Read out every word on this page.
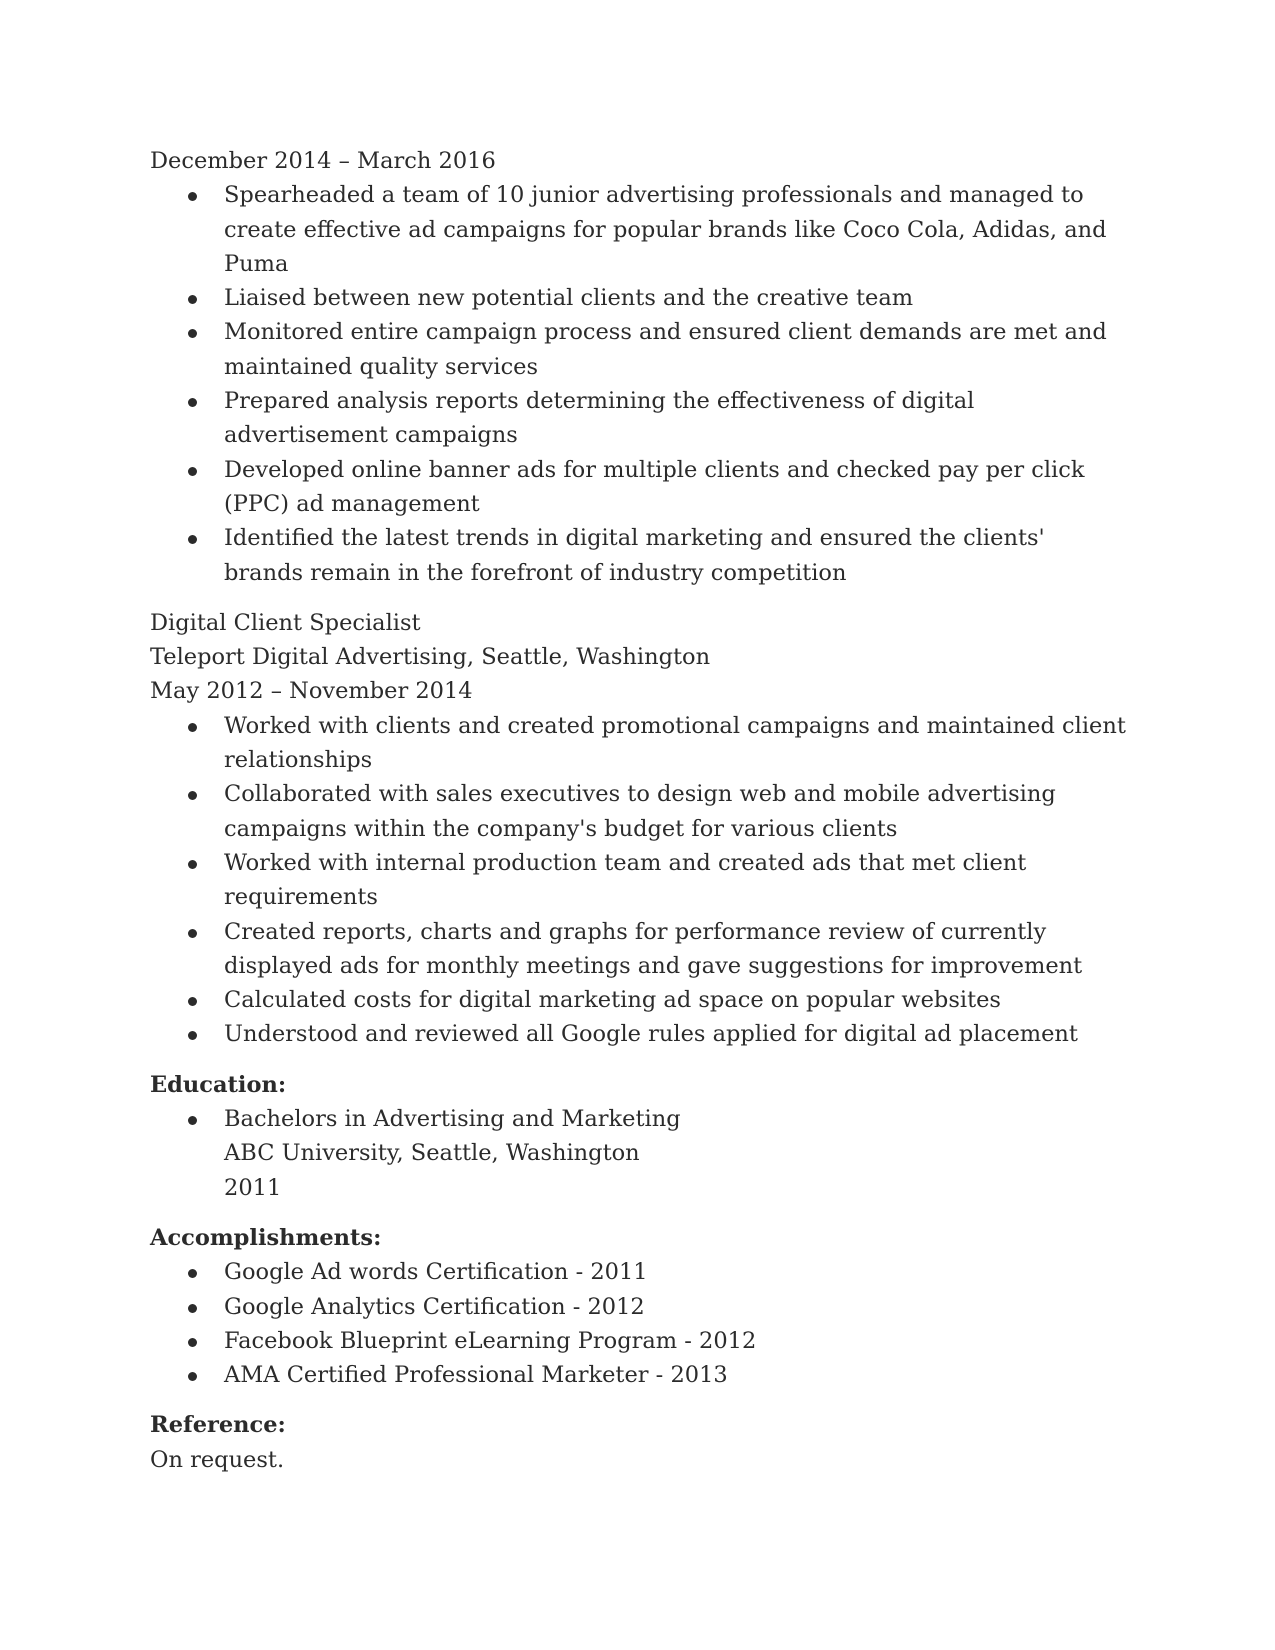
December 2014 – March 2016

Spearheaded a team of 10 junior advertising professionals and managed to create effective ad campaigns for popular brands like Coco Cola, Adidas, and Puma
Liaised between new potential clients and the creative team
Monitored entire campaign process and ensured client demands are met and maintained quality services
Prepared analysis reports determining the effectiveness of digital advertisement campaigns
Developed online banner ads for multiple clients and checked pay per click (PPC) ad management
Identified the latest trends in digital marketing and ensured the clients' brands remain in the forefront of industry competition

Digital Client Specialist

Teleport Digital Advertising, Seattle, Washington

May 2012 – November 2014

Worked with clients and created promotional campaigns and maintained client relationships
Collaborated with sales executives to design web and mobile advertising campaigns within the company's budget for various clients
Worked with internal production team and created ads that met client requirements
Created reports, charts and graphs for performance review of currently displayed ads for monthly meetings and gave suggestions for improvement
Calculated costs for digital marketing ad space on popular websites
Understood and reviewed all Google rules applied for digital ad placement

Education:

Bachelors in Advertising and Marketing
ABC University, Seattle, Washington
2011

Accomplishments:

Google Ad words Certification - 2011
Google Analytics Certification - 2012
Facebook Blueprint eLearning Program - 2012
AMA Certified Professional Marketer - 2013

Reference:

On request.
